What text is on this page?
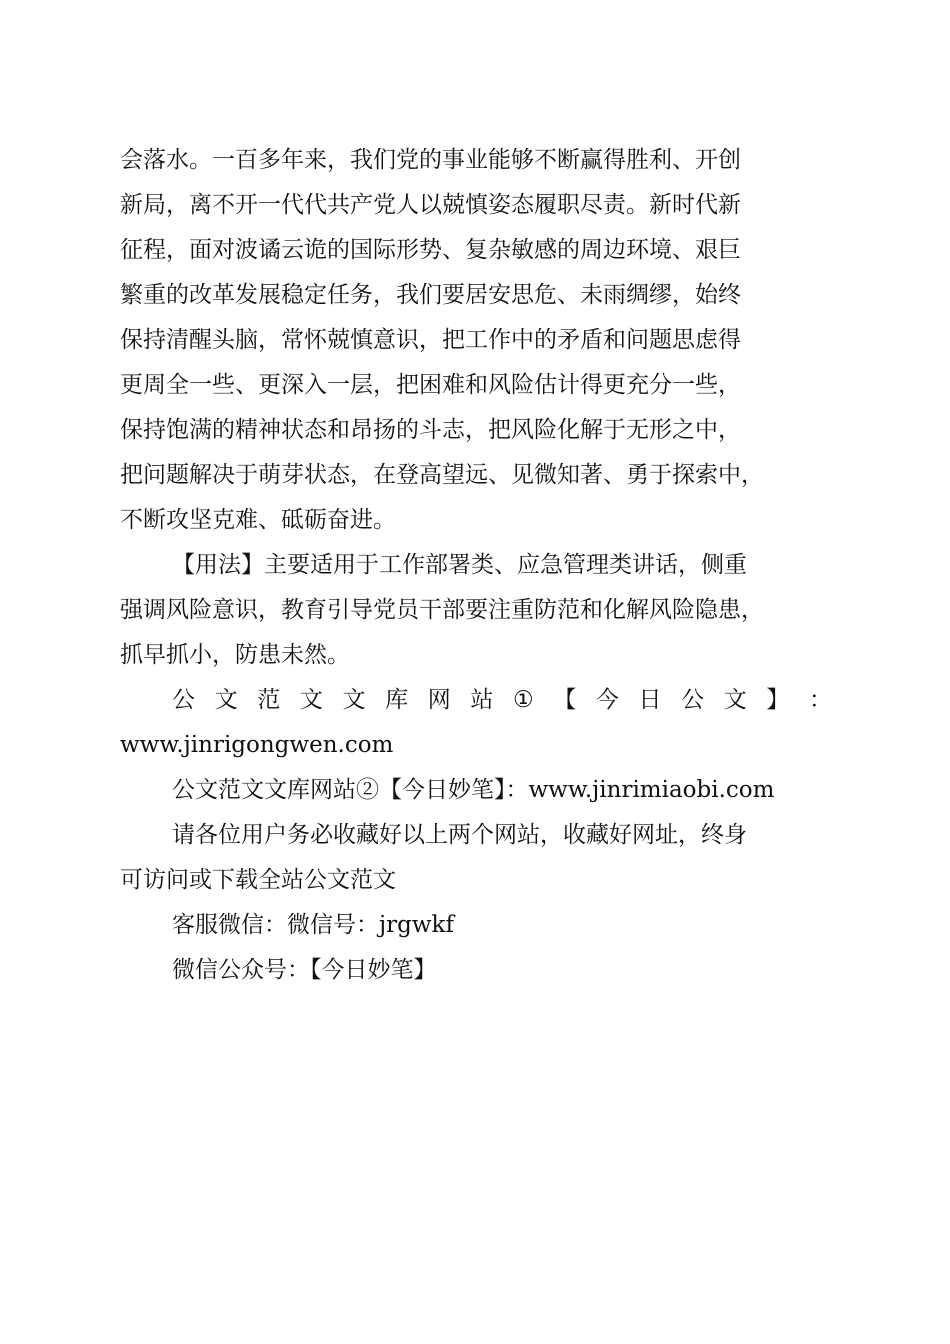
会落水。一百多年来，我们党的事业能够不断赢得胜利、开创
新局，离不开一代代共产党人以兢慎姿态履职尽责。新时代新
征程，面对波谲云诡的国际形势、复杂敏感的周边环境、艰巨
繁重的改革发展稳定任务，我们要居安思危、未雨绸缪，始终
保持清醒头脑，常怀兢慎意识，把工作中的矛盾和问题思虑得
更周全一些、更深入一层，把困难和风险估计得更充分一些，
保持饱满的精神状态和昂扬的斗志，把风险化解于无形之中，
把问题解决于萌芽状态，在登高望远、见微知著、勇于探索中，
不断攻坚克难、砥砺奋进。
【用法】主要适用于工作部署类、应急管理类讲话，侧重
强调风险意识，教育引导党员干部要注重防范和化解风险隐患，
抓早抓小，防患未然。
公 文 范 文 文 库 网 站 ① 【 今 日 公 文 】 ：
www.jinrigongwen.com
公文范文文库网站②【今日妙笔】：www.jinrimiaobi.com
请各位用户务必收藏好以上两个网站，收藏好网址，终身
可访问或下载全站公文范文
客服微信：微信号：jrgwkf
微信公众号：【今日妙笔】
